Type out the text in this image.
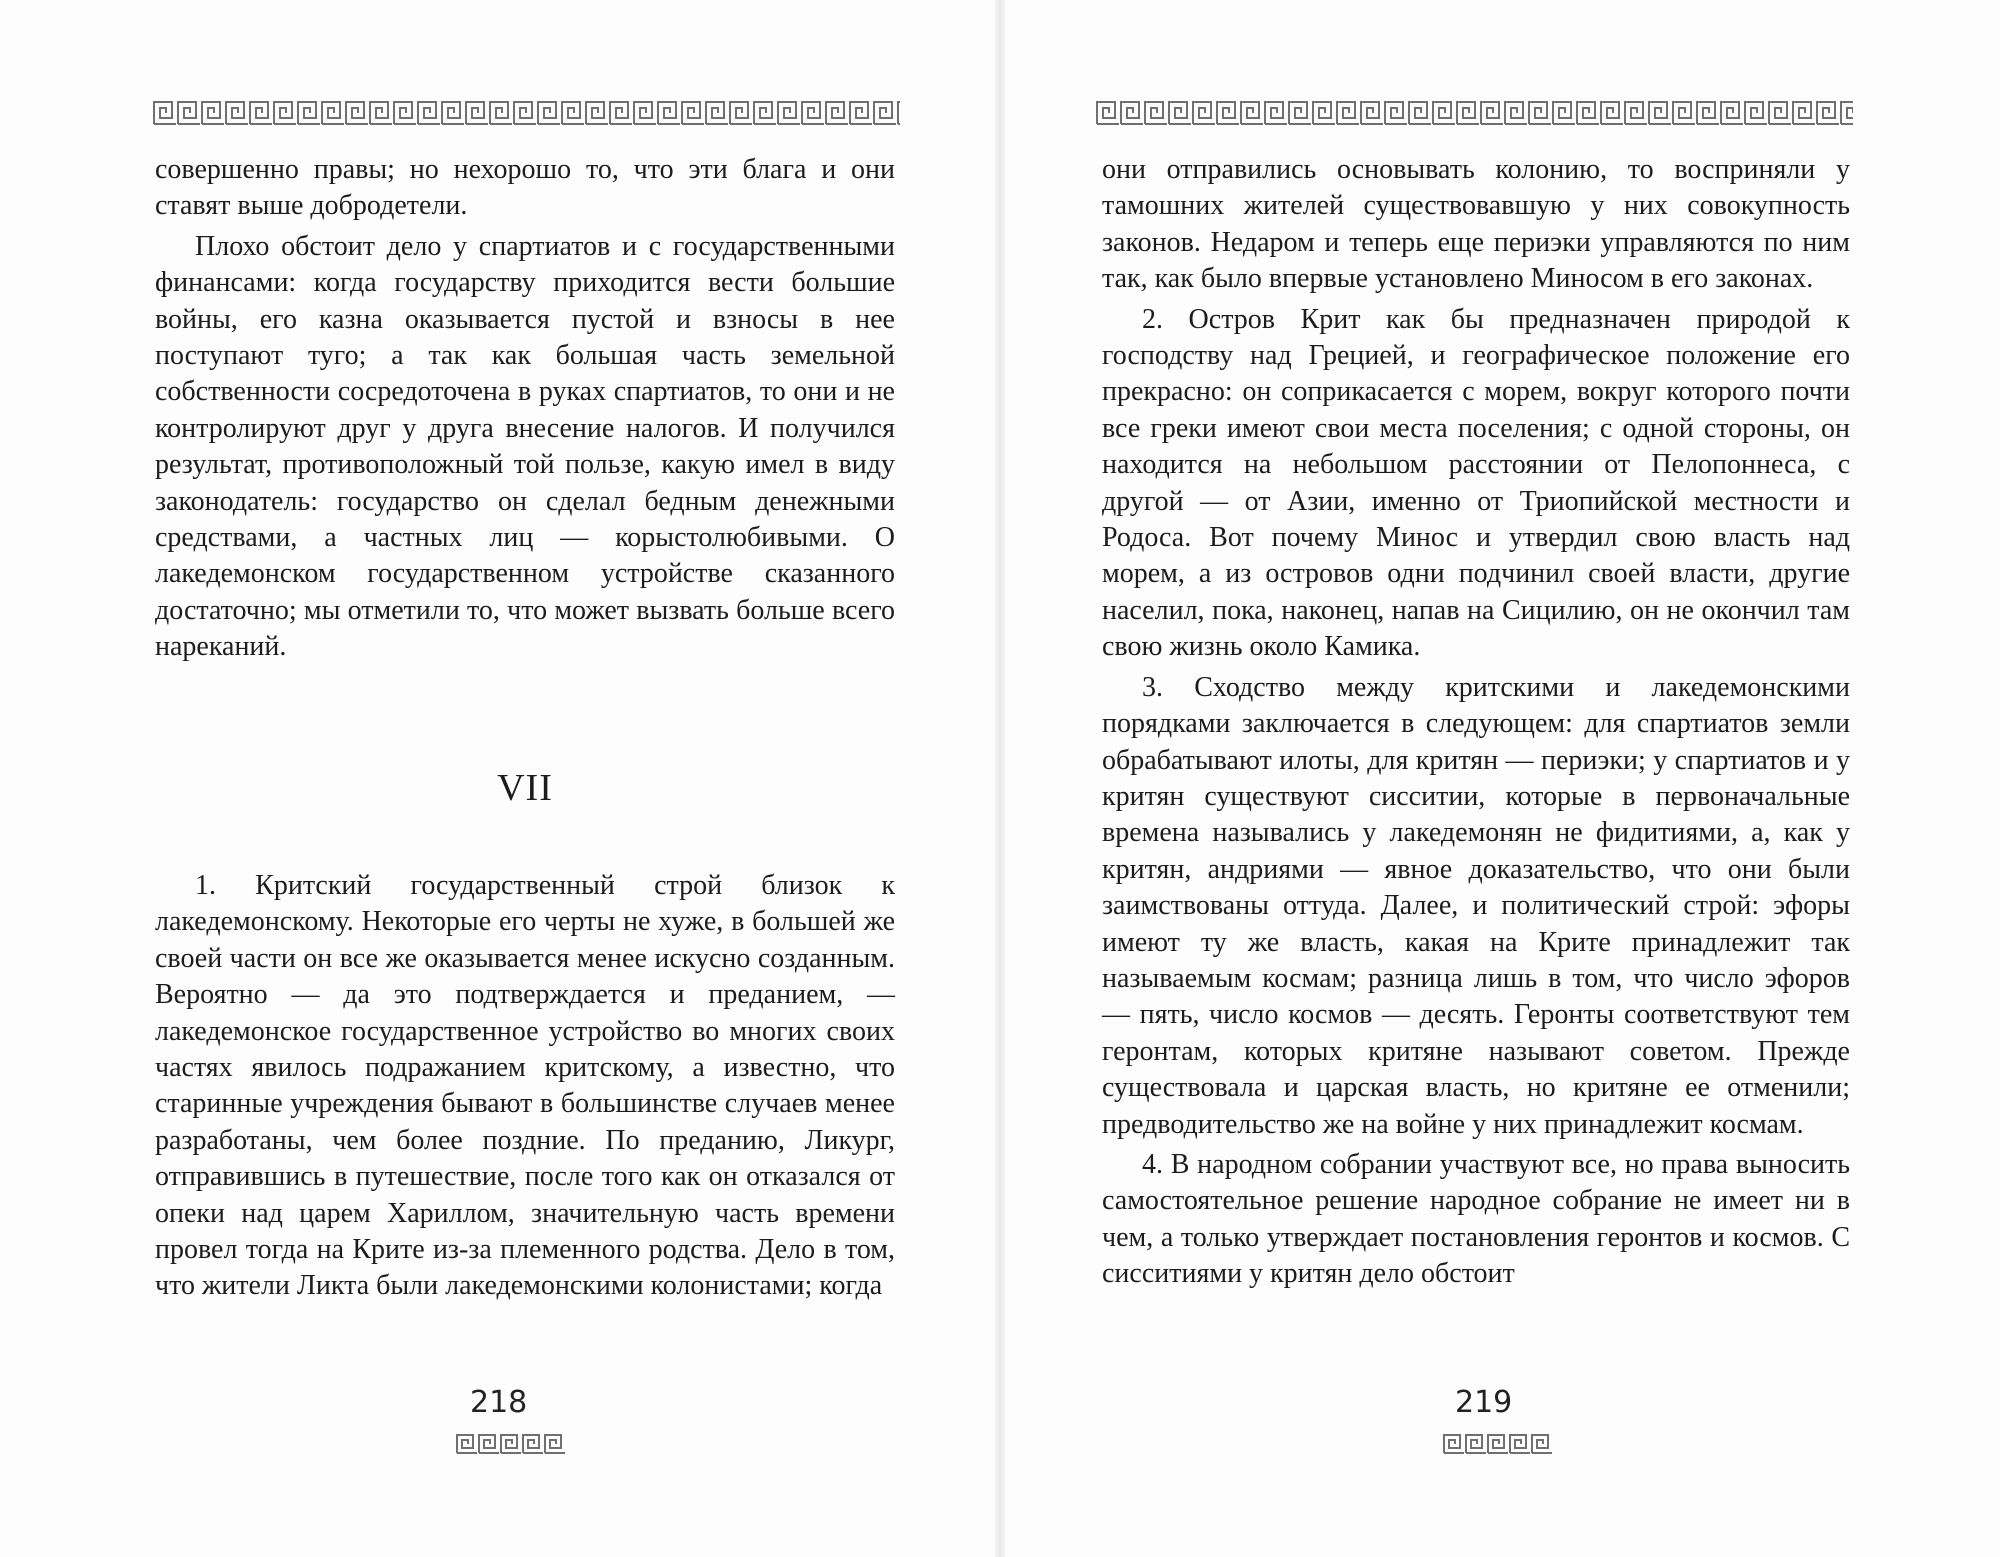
совершенно правы; но нехорошо то, что эти блага и они ставят выше добродетели.

Плохо обстоит дело у спартиатов и с государственными финансами: когда государству приходится вести большие войны, его казна оказывается пустой и взносы в нее поступают туго; а так как большая часть земельной собственности сосредоточена в руках спартиатов, то они и не контролируют друг у друга внесение налогов. И получился результат, противоположный той пользе, какую имел в виду законодатель: государство он сделал бедным денежными средствами, а частных лиц — корыстолюбивыми. О лакедемонском государственном устройстве сказанного достаточно; мы отметили то, что может вызвать больше всего нареканий.

VII

1. Критский государственный строй близок к лакедемонскому. Некоторые его черты не хуже, в большей же своей части он все же оказывается менее искусно созданным. Вероятно — да это подтверждается и преданием, — лакедемонское государственное устройство во многих своих частях явилось подражанием критскому, а известно, что старинные учреждения бывают в большинстве случаев менее разработаны, чем более поздние. По преданию, Ликург, отправившись в путешествие, после того как он отказался от опеки над царем Хариллом, значительную часть времени провел тогда на Крите из-за племенного родства. Дело в том, что жители Ликта были лакедемонскими колонистами; когда

218

они отправились основывать колонию, то восприняли у тамошних жителей существовавшую у них совокупность законов. Недаром и теперь еще периэки управляются по ним так, как было впервые установлено Миносом в его законах.

2. Остров Крит как бы предназначен природой к господству над Грецией, и географическое положение его прекрасно: он соприкасается с морем, вокруг которого почти все греки имеют свои места поселения; с одной стороны, он находится на небольшом расстоянии от Пелопоннеса, с другой — от Азии, именно от Триопийской местности и Родоса. Вот почему Минос и утвердил свою власть над морем, а из островов одни подчинил своей власти, другие населил, пока, наконец, напав на Сицилию, он не окончил там свою жизнь около Камика.

3. Сходство между критскими и лакедемонскими порядками заключается в следующем: для спартиатов земли обрабатывают илоты, для критян — периэки; у спартиатов и у критян существуют сисситии, которые в первоначальные времена назывались у лакедемонян не фидитиями, а, как у критян, андриями — явное доказательство, что они были заимствованы оттуда. Далее, и политический строй: эфоры имеют ту же власть, какая на Крите принадлежит так называемым космам; разница лишь в том, что число эфоров — пять, число космов — десять. Геронты соответствуют тем геронтам, которых критяне называют советом. Прежде существовала и царская власть, но критяне ее отменили; предводительство же на войне у них принадлежит космам.

4. В народном собрании участвуют все, но права выносить самостоятельное решение народное собрание не имеет ни в чем, а только утверждает постановления геронтов и космов. С сисситиями у критян дело обстоит

219
